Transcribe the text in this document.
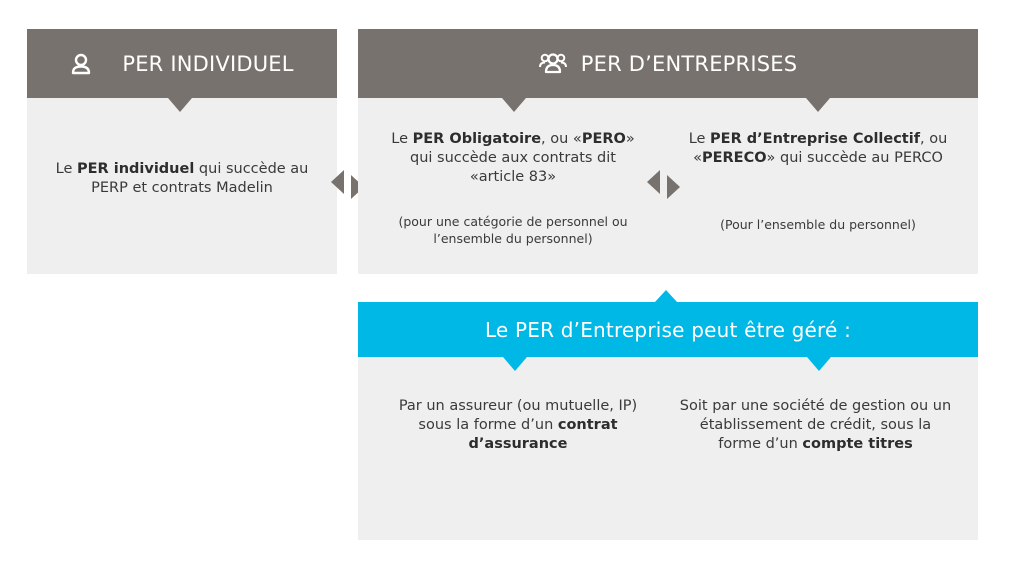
PER INDIVIDUEL
Le PER individuel qui succède au PERP et contrats Madelin
PER D’ENTREPRISES
Le PER Obligatoire, ou «PERO» qui succède aux contrats dit «article 83»
(pour une catégorie de personnel ou l’ensemble du personnel)
Le PER d’Entreprise Collectif, ou «PERECO» qui succède au PERCO
(Pour l’ensemble du personnel)
Le PER d’Entreprise peut être géré :
Par un assureur (ou mutuelle, IP) sous la forme d’un contrat d’assurance
Soit par une société de gestion ou un établissement de crédit, sous la forme d’un compte titres
